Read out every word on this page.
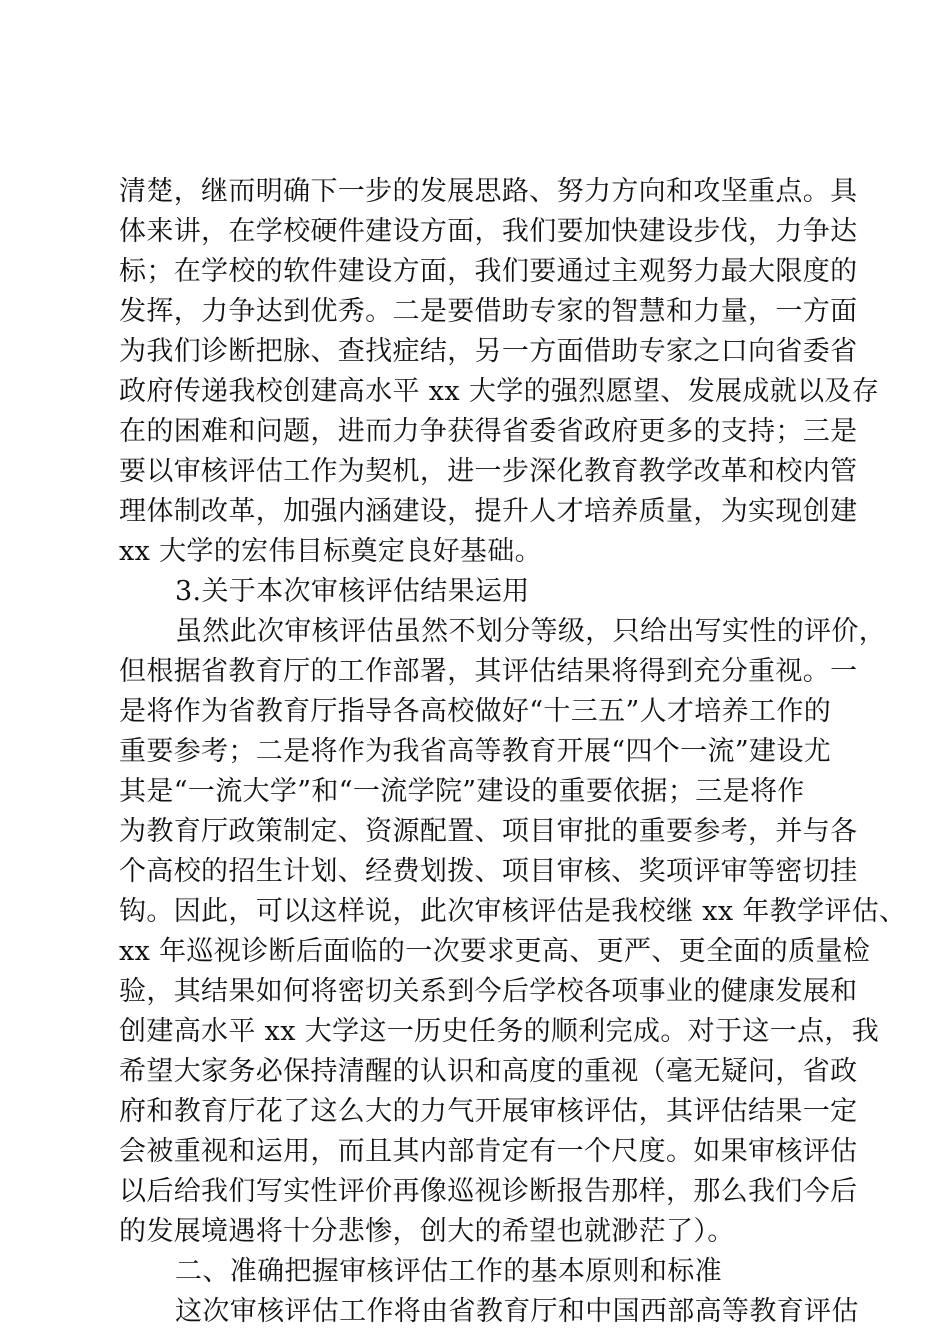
清楚，继而明确下一步的发展思路、努力方向和攻坚重点。具
体来讲，在学校硬件建设方面，我们要加快建设步伐，力争达
标；在学校的软件建设方面，我们要通过主观努力最大限度的
发挥，力争达到优秀。二是要借助专家的智慧和力量，一方面
为我们诊断把脉、查找症结，另一方面借助专家之口向省委省
政府传递我校创建高水平 xx 大学的强烈愿望、发展成就以及存
在的困难和问题，进而力争获得省委省政府更多的支持；三是
要以审核评估工作为契机，进一步深化教育教学改革和校内管
理体制改革，加强内涵建设，提升人才培养质量，为实现创建
xx 大学的宏伟目标奠定良好基础。
3.关于本次审核评估结果运用
虽然此次审核评估虽然不划分等级，只给出写实性的评价，
但根据省教育厅的工作部署，其评估结果将得到充分重视。一
是将作为省教育厅指导各高校做好“十三五”人才培养工作的
重要参考；二是将作为我省高等教育开展“四个一流”建设尤
其是“一流大学”和“一流学院”建设的重要依据；三是将作
为教育厅政策制定、资源配置、项目审批的重要参考，并与各
个高校的招生计划、经费划拨、项目审核、奖项评审等密切挂
钩。因此，可以这样说，此次审核评估是我校继 xx 年教学评估、
xx 年巡视诊断后面临的一次要求更高、更严、更全面的质量检
验，其结果如何将密切关系到今后学校各项事业的健康发展和
创建高水平 xx 大学这一历史任务的顺利完成。对于这一点，我
希望大家务必保持清醒的认识和高度的重视（毫无疑问，省政
府和教育厅花了这么大的力气开展审核评估，其评估结果一定
会被重视和运用，而且其内部肯定有一个尺度。如果审核评估
以后给我们写实性评价再像巡视诊断报告那样，那么我们今后
的发展境遇将十分悲惨，创大的希望也就渺茫了）。
二、准确把握审核评估工作的基本原则和标准
这次审核评估工作将由省教育厅和中国西部高等教育评估
